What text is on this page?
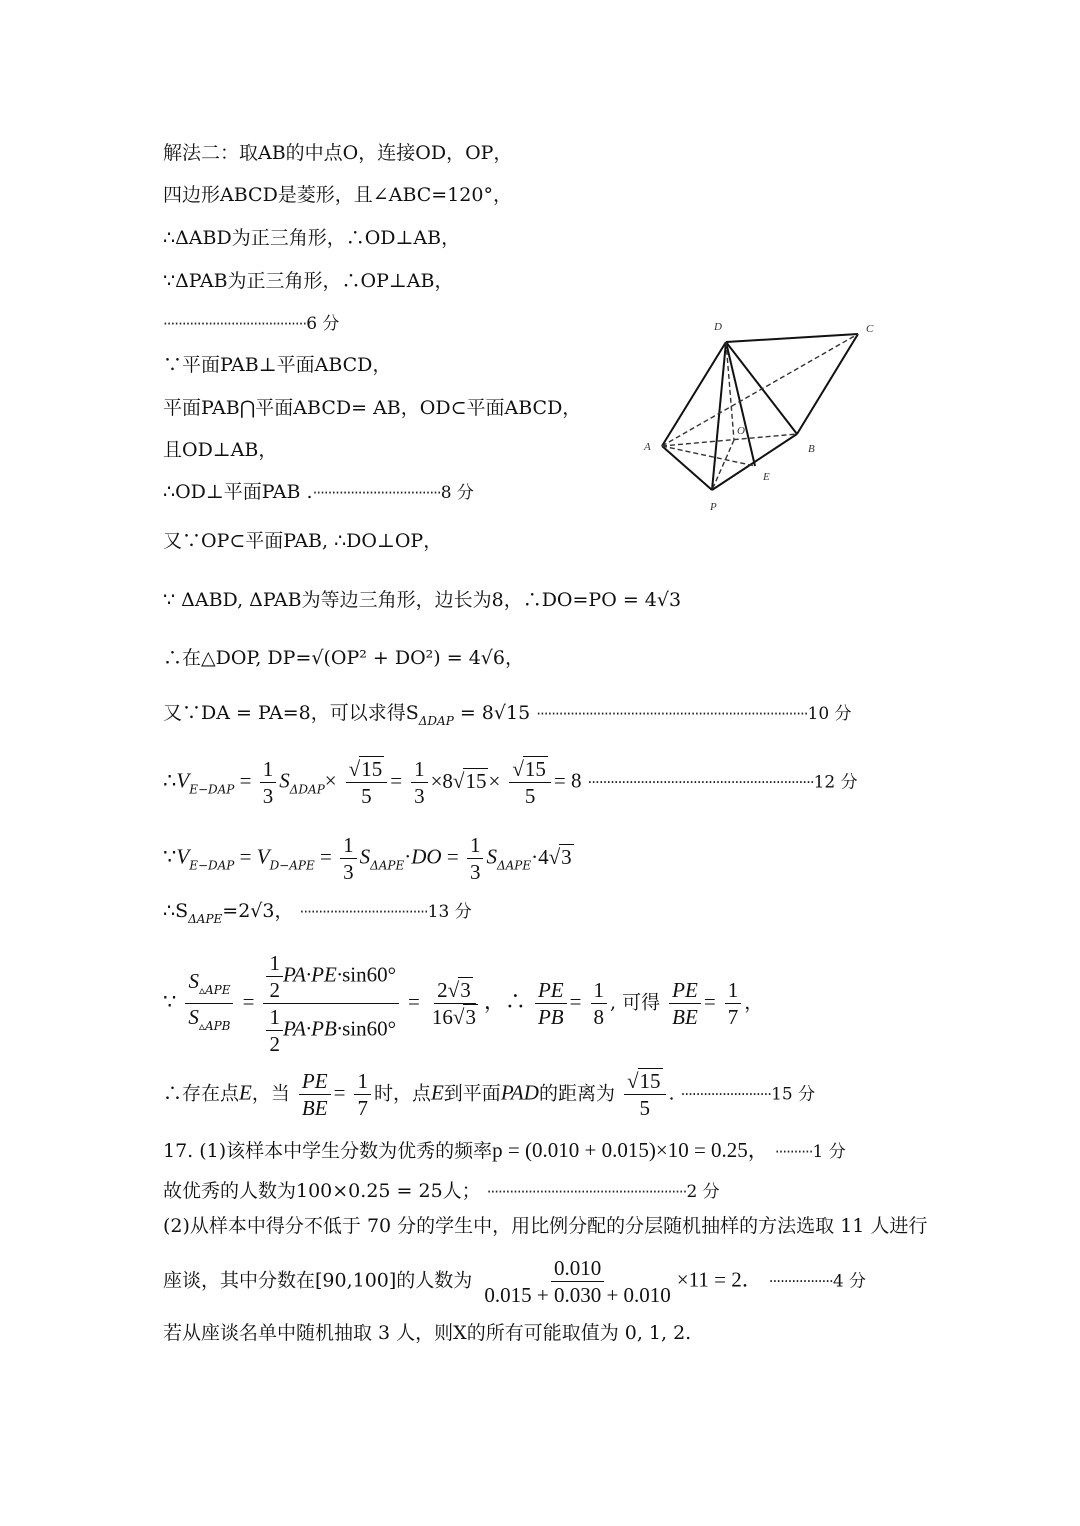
解法二：取AB的中点O，连接OD，OP，
四边形ABCD是菱形，且∠ABC=120°，
∴ΔABD为正三角形，∴OD⊥AB，
∵ΔPAB为正三角形，∴OP⊥AB，
······································6 分
∵平面PAB⊥平面ABCD，
平面PAB⋂平面ABCD= AB，OD⊂平面ABCD，
且OD⊥AB，
∴OD⊥平面PAB .··································8 分
又∵OP⊂平面PAB, ∴DO⊥OP，
∵ ΔABD, ΔPAB为等边三角形，边长为8，∴DO=PO = 4√3
∴在△DOP, DP=√(OP² + DO²) = 4√6，
又∵DA = PA=8，可以求得$S_{\Delta DAP} = 8√15 \cdot\cdot\cdot\cdot\cdot\cdot\cdot\cdot\cdot\cdot\cdot\cdot\cdot\cdot\cdot\cdot\cdot\cdot\cdot\cdot\cdot\cdot\cdot\cdot\cdot\cdot\cdot\cdot\cdot\cdot\cdot\cdot\cdot\cdot\cdot\cdot\cdot\cdot\cdot\cdot\cdot\cdot\cdot\cdot\cdot\cdot\cdot\cdot\cdot\cdot\cdot\cdot\cdot\cdot\cdot\cdot\cdot\cdot\cdot\cdot\cdot\cdot\cdot\cdot\cdot\cdot\cdot\cdot\cdot\cdot\cdot\cdot 10$ 分
$\therefore V_{E-DAP} = \frac{1}{3} S_{\Delta DAP}\times \frac{√15}{5} = \frac{1}{3} \times 8√15\times \frac{√15}{5} = 8 \cdot\cdot\cdot\cdot\cdot\cdot\cdot\cdot\cdot\cdot\cdot\cdot\cdot\cdot\cdot\cdot\cdot\cdot\cdot\cdot\cdot\cdot\cdot\cdot\cdot\cdot\cdot\cdot\cdot\cdot\cdot\cdot\cdot\cdot\cdot\cdot\cdot\cdot\cdot\cdot\cdot\cdot\cdot\cdot\cdot\cdot\cdot\cdot\cdot\cdot\cdot\cdot\cdot\cdot\cdot\cdot\cdot\cdot\cdot\cdot 12$ 分
$\because V_{E-DAP} = V_{D-APE} = \frac{1}{3} S_{\Delta APE}\cdot DO = \frac{1}{3} S_{\Delta APE}\cdot 4√3$
$\therefore S_{\Delta APE}=2√3$， ··································13 分
∵ $\frac{S_{▵APE}}{S_{▵APB}} = \frac{\frac{1}{2} PA\cdot PE\cdot\sin 60^\circ}{\frac{1}{2} PA\cdot PB\cdot\sin 60^\circ} = \frac{2√3}{16√3}$ ，∴ $\frac{PE}{PB} = \frac{1}{8}$ , 可得 $\frac{PE}{BE} = \frac{1}{7}$ ，
∴存在点E，当 $\frac{PE}{BE} = \frac{1}{7}$ 时，点E到平面PAD的距离为 $\frac{√15}{5}$ . ························15 分
17. (1)该样本中学生分数为优秀的频率p = (0.010 + 0.015)×10 = 0.25， ··········1 分
故优秀的人数为100×0.25 = 25人； ·····················································2 分
(2)从样本中得分不低于 70 分的学生中，用比例分配的分层随机抽样的方法选取 11 人进行
座谈，其中分数在[90,100]的人数为 $\frac{0.010}{0.015 + 0.030 + 0.010} \times 11 = 2$． ·················4 分
若从座谈名单中随机抽取 3 人，则X的所有可能取值为 0, 1, 2.
D	C
A	B
O
E
P
